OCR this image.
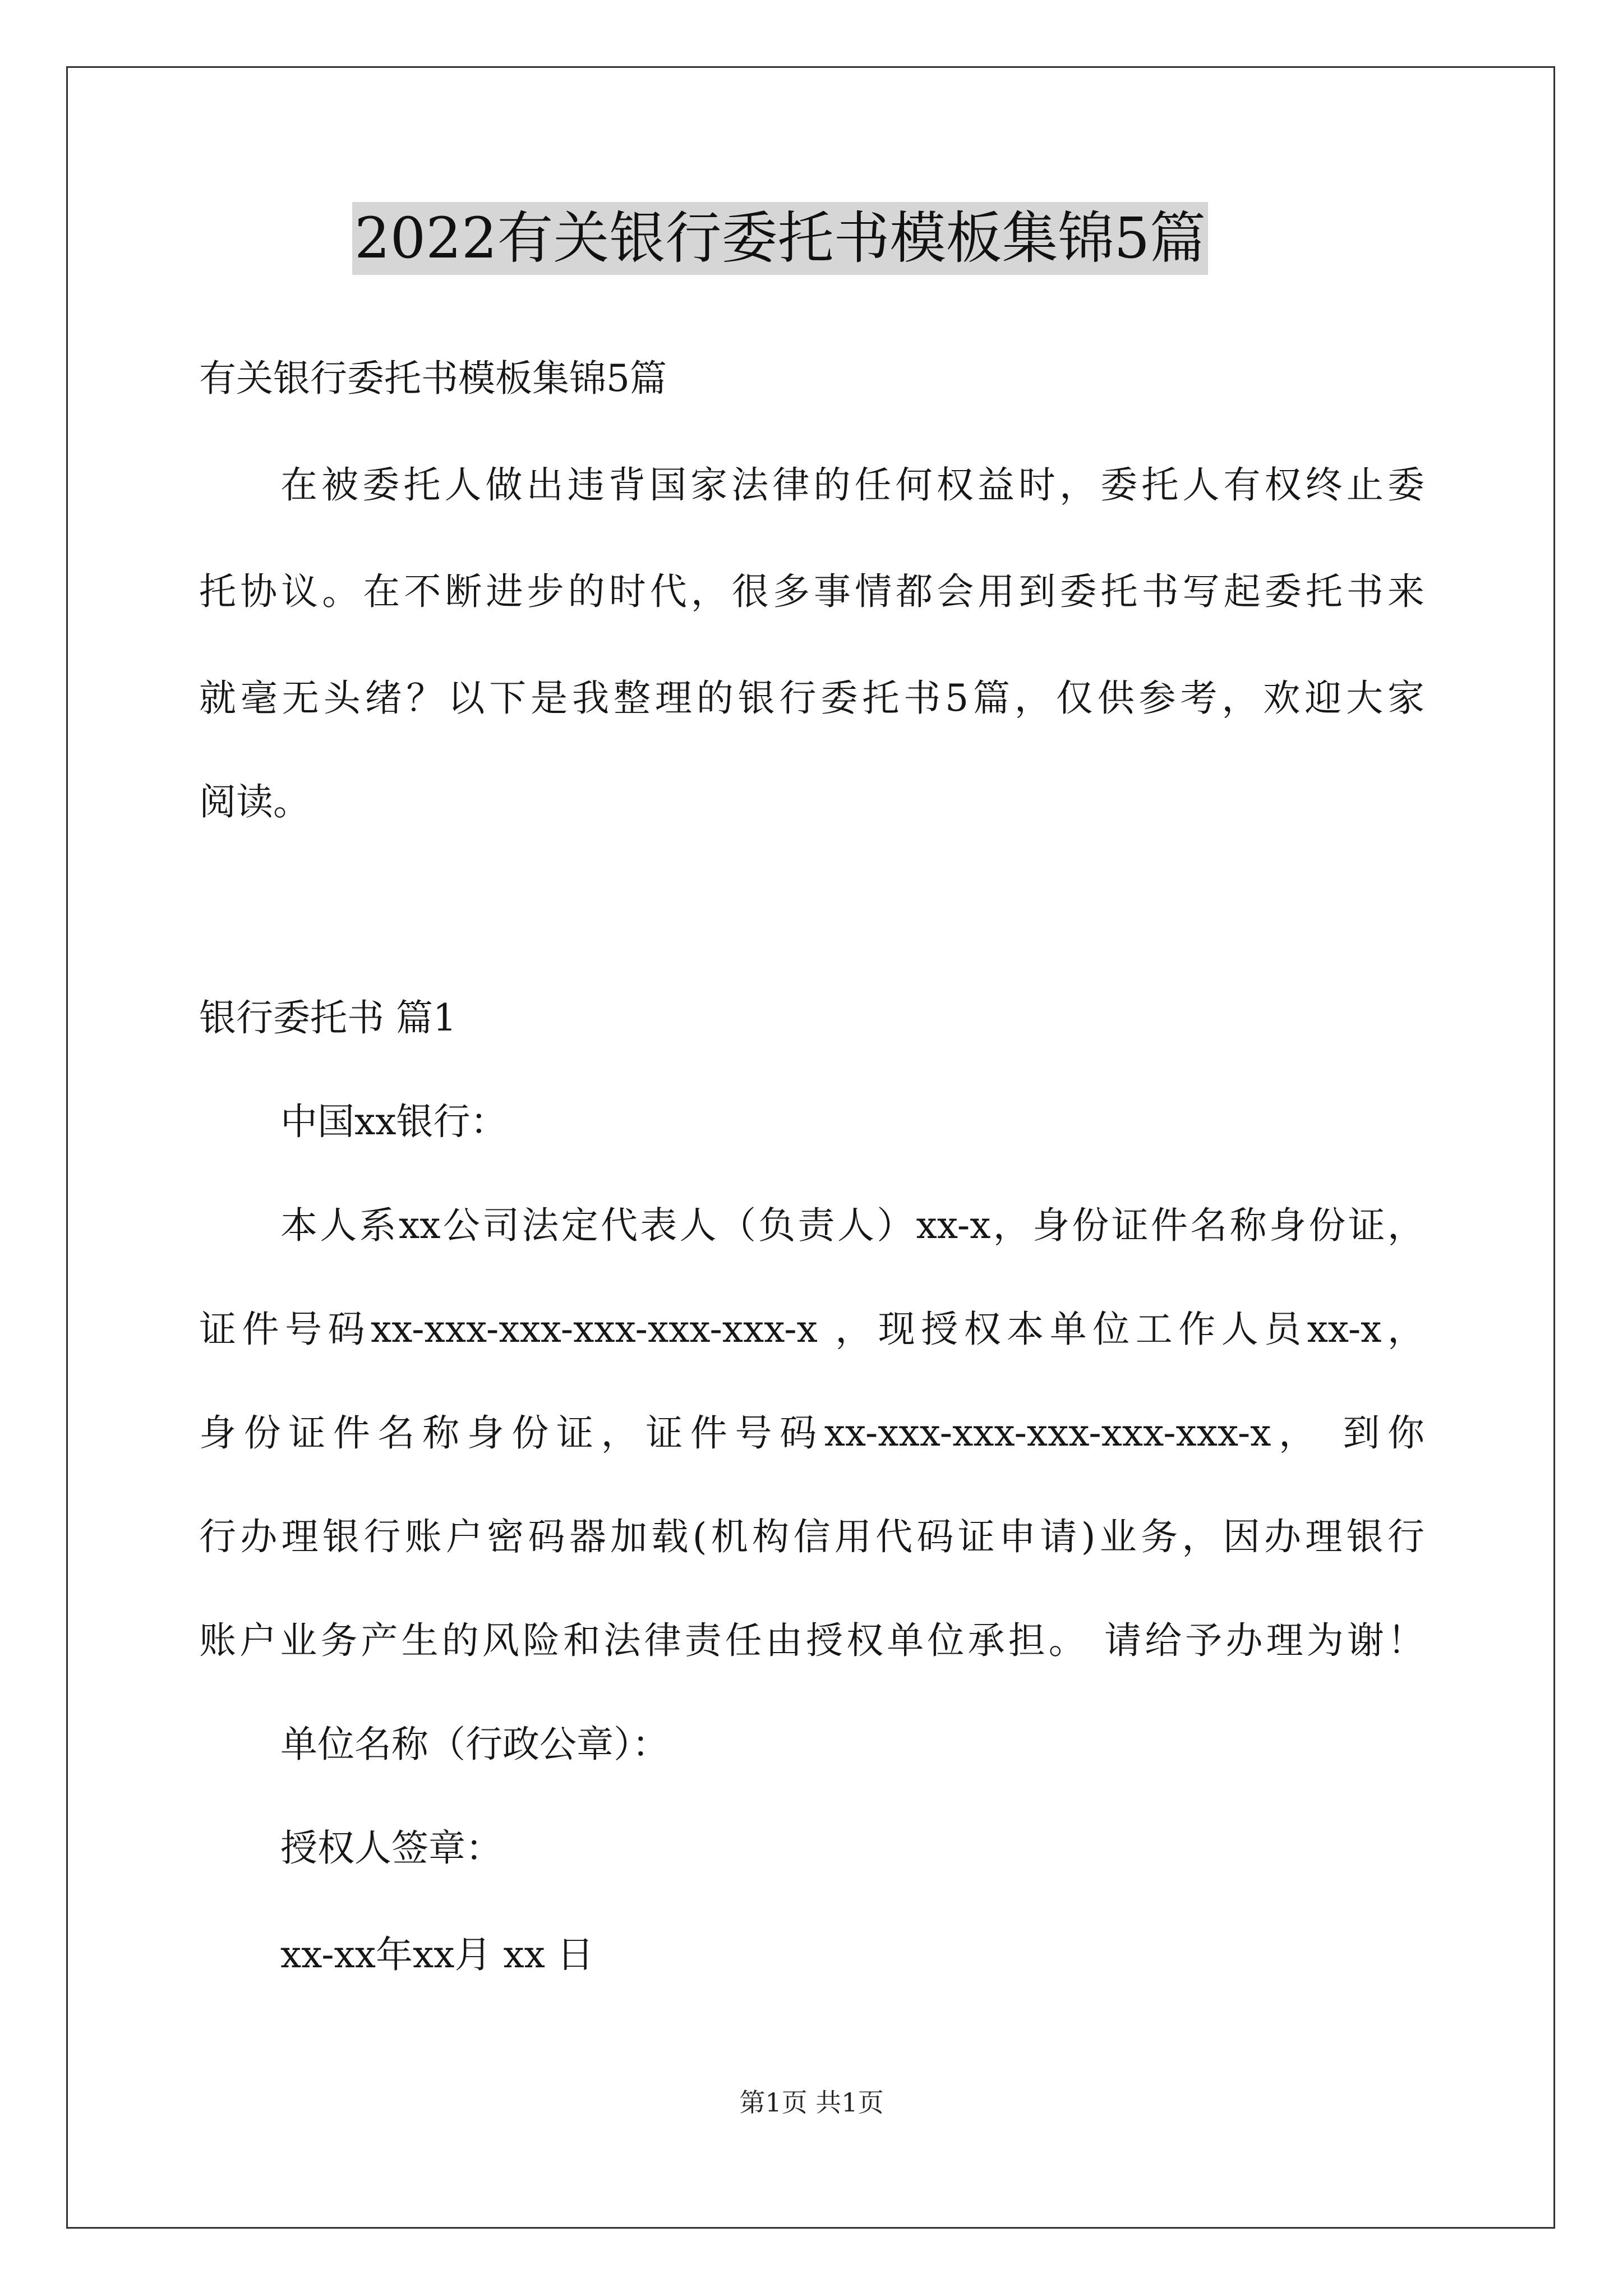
2022有关银行委托书模板集锦5篇
有关银行委托书模板集锦5篇
在被委托人做出违背国家法律的任何权益时，委托人有权终止委
托协议。在不断进步的时代，很多事情都会用到委托书写起委托书来
就毫无头绪？以下是我整理的银行委托书5篇，仅供参考，欢迎大家
阅读。
银行委托书 篇1
中国xx银行：
本人系xx公司法定代表人（负责人）xx-x，身份证件名称身份证，
证件号码xx-xxx-xxx-xxx-xxx-xxx-x ，现授权本单位工作人员xx-x，
身份证件名称身份证，证件号码xx-xxx-xxx-xxx-xxx-xxx-x， 到你
行办理银行账户密码器加载(机构信用代码证申请)业务，因办理银行
账户业务产生的风险和法律责任由授权单位承担。 请给予办理为谢！
单位名称（行政公章）：
授权人签章：
xx-xx年xx月 xx 日
第1页 共1页
